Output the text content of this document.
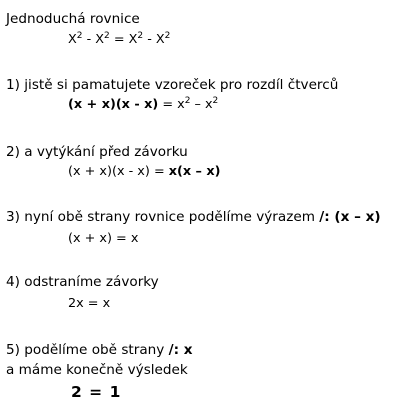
Jednoduchá rovnice
$X^2 - X^2 = X^2 - X^2$
1) jistě si pamatujete vzoreček pro rozdíl čtverců
$(x + x)(x - x) = x^2 - x^2$
2) a vytýkání před závorku
(x + x)(x - x) = x(x – x)
3) nyní obě strany rovnice podělíme výrazem /: (x – x)
(x + x) = x
4) odstraníme závorky
2x = x
5) podělíme obě strany /: x
a máme konečně výsledek
2 = 1
